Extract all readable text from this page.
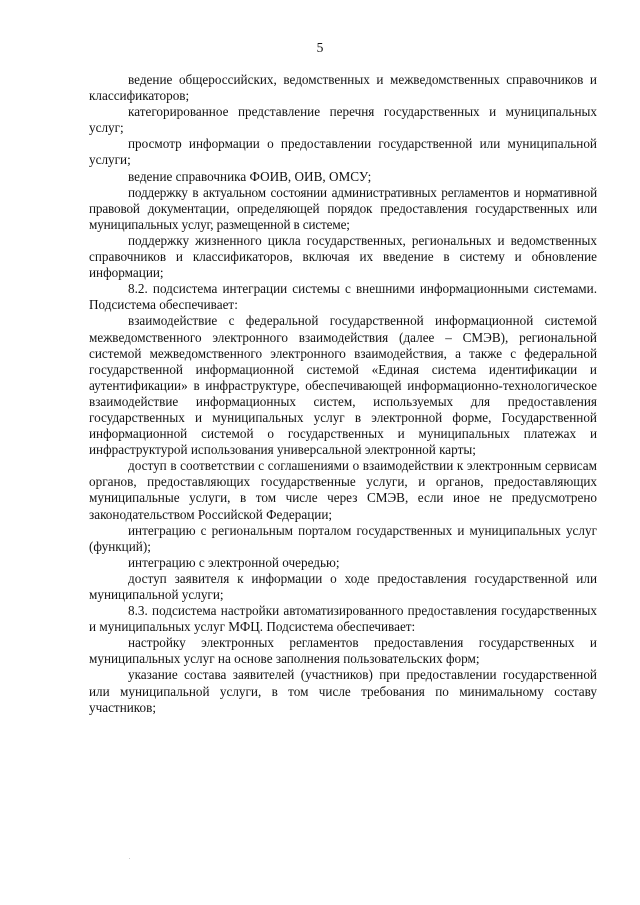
5

ведение общероссийских, ведомственных и межведомственных справочников и классификаторов;

категорированное представление перечня государственных и муниципальных услуг;

просмотр информации о предоставлении государственной или муниципальной услуги;

ведение справочника ФОИВ, ОИВ, ОМСУ;

поддержку в актуальном состоянии административных регламентов и нормативной правовой документации, определяющей порядок предоставления государственных или муниципальных услуг, размещенной в системе;

поддержку жизненного цикла государственных, региональных и ведомственных справочников и классификаторов, включая их введение в систему и обновление информации;

8.2. подсистема интеграции системы с внешними информационными системами. Подсистема обеспечивает:

взаимодействие с федеральной государственной информационной системой межведомственного электронного взаимодействия (далее – СМЭВ), региональной системой межведомственного электронного взаимодействия, а также с федеральной государственной информационной системой «Единая система идентификации и аутентификации» в инфраструктуре, обеспечивающей информационно-технологическое взаимодействие информационных систем, используемых для предоставления государственных и муниципальных услуг в электронной форме, Государственной информационной системой о государственных и муниципальных платежах и инфраструктурой использования универсальной электронной карты;

доступ в соответствии с соглашениями о взаимодействии к электронным сервисам органов, предоставляющих государственные услуги, и органов, предоставляющих муниципальные услуги, в том числе через СМЭВ, если иное не предусмотрено законодательством Российской Федерации;

интеграцию с региональным порталом государственных и муниципальных услуг (функций);

интеграцию с электронной очередью;

доступ заявителя к информации о ходе предоставления государственной или муниципальной услуги;

8.3. подсистема настройки автоматизированного предоставления государственных и муниципальных услуг МФЦ. Подсистема обеспечивает:

настройку электронных регламентов предоставления государственных и муниципальных услуг на основе заполнения пользовательских форм;

указание состава заявителей (участников) при предоставлении государственной или муниципальной услуги, в том числе требования по минимальному составу участников;
